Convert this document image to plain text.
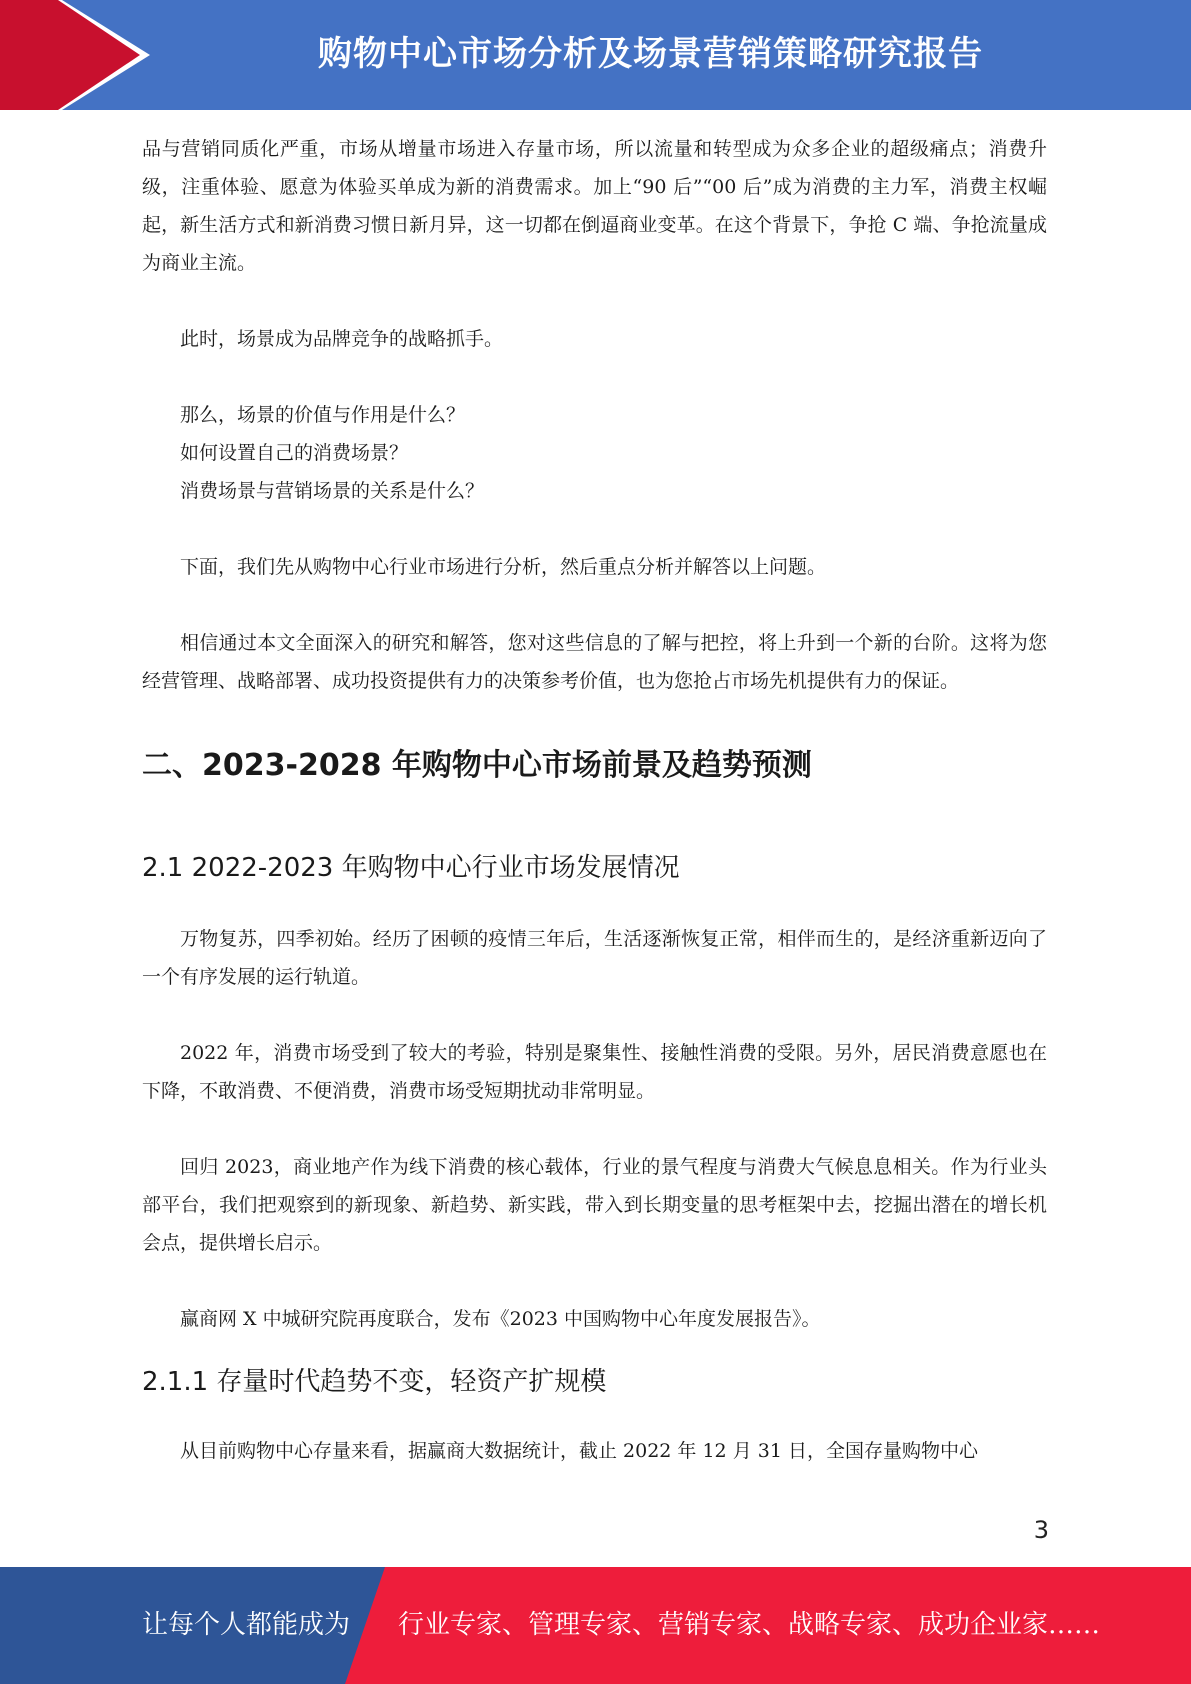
购物中心市场分析及场景营销策略研究报告

品与营销同质化严重，市场从增量市场进入存量市场，所以流量和转型成为众多企业的超级痛点；消费升级，注重体验、愿意为体验买单成为新的消费需求。加上“90 后”“00 后”成为消费的主力军，消费主权崛起，新生活方式和新消费习惯日新月异，这一切都在倒逼商业变革。在这个背景下，争抢 C 端、争抢流量成为商业主流。

此时，场景成为品牌竞争的战略抓手。

那么，场景的价值与作用是什么？

如何设置自己的消费场景？

消费场景与营销场景的关系是什么？

下面，我们先从购物中心行业市场进行分析，然后重点分析并解答以上问题。

相信通过本文全面深入的研究和解答，您对这些信息的了解与把控，将上升到一个新的台阶。这将为您经营管理、战略部署、成功投资提供有力的决策参考价值，也为您抢占市场先机提供有力的保证。

二、2023-2028 年购物中心市场前景及趋势预测
2.1 2022-2023 年购物中心行业市场发展情况

万物复苏，四季初始。经历了困顿的疫情三年后，生活逐渐恢复正常，相伴而生的，是经济重新迈向了一个有序发展的运行轨道。

2022 年，消费市场受到了较大的考验，特别是聚集性、接触性消费的受限。另外，居民消费意愿也在下降，不敢消费、不便消费，消费市场受短期扰动非常明显。

回归 2023，商业地产作为线下消费的核心载体，行业的景气程度与消费大气候息息相关。作为行业头部平台，我们把观察到的新现象、新趋势、新实践，带入到长期变量的思考框架中去，挖掘出潜在的增长机会点，提供增长启示。

赢商网 X 中城研究院再度联合，发布《2023 中国购物中心年度发展报告》。

2.1.1 存量时代趋势不变，轻资产扩规模

从目前购物中心存量来看，据赢商大数据统计，截止 2022 年 12 月 31 日，全国存量购物中心

3
让每个人都能成为 行业专家、管理专家、营销专家、战略专家、成功企业家……
